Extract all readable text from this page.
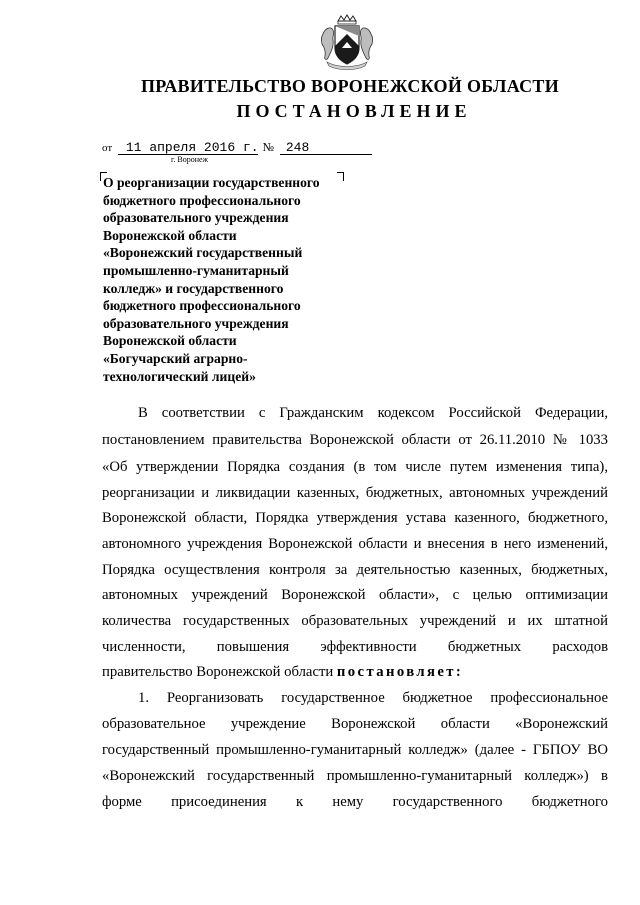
ПРАВИТЕЛЬСТВО ВОРОНЕЖСКОЙ ОБЛАСТИ
ПОСТАНОВЛЕНИЕ
от 11 апреля 2016 г. № 248
г. Воронеж
О реорганизации государственного
бюджетного профессионального
образовательного учреждения
Воронежской области
«Воронежский государственный
промышленно-гуманитарный
колледж» и государственного
бюджетного профессионального
образовательного учреждения
Воронежской области
«Богучарский аграрно-
технологический лицей»
В соответствии с Гражданским кодексом Российской Федерации,
постановлением правительства Воронежской области от 26.11.2010 № 1033
«Об утверждении Порядка создания (в том числе путем изменения типа),
реорганизации и ликвидации казенных, бюджетных, автономных учреждений
Воронежской области, Порядка утверждения устава казенного, бюджетного,
автономного учреждения Воронежской области и внесения в него изменений,
Порядка осуществления контроля за деятельностью казенных, бюджетных,
автономных учреждений Воронежской области», с целью оптимизации
количества государственных образовательных учреждений и их штатной
численности, повышения эффективности бюджетных расходов
правительство Воронежской области постановляет:
1. Реорганизовать государственное бюджетное профессиональное
образовательное учреждение Воронежской области «Воронежский
государственный промышленно-гуманитарный колледж» (далее - ГБПОУ ВО
«Воронежский государственный промышленно-гуманитарный колледж») в
форме присоединения к нему государственного бюджетного
